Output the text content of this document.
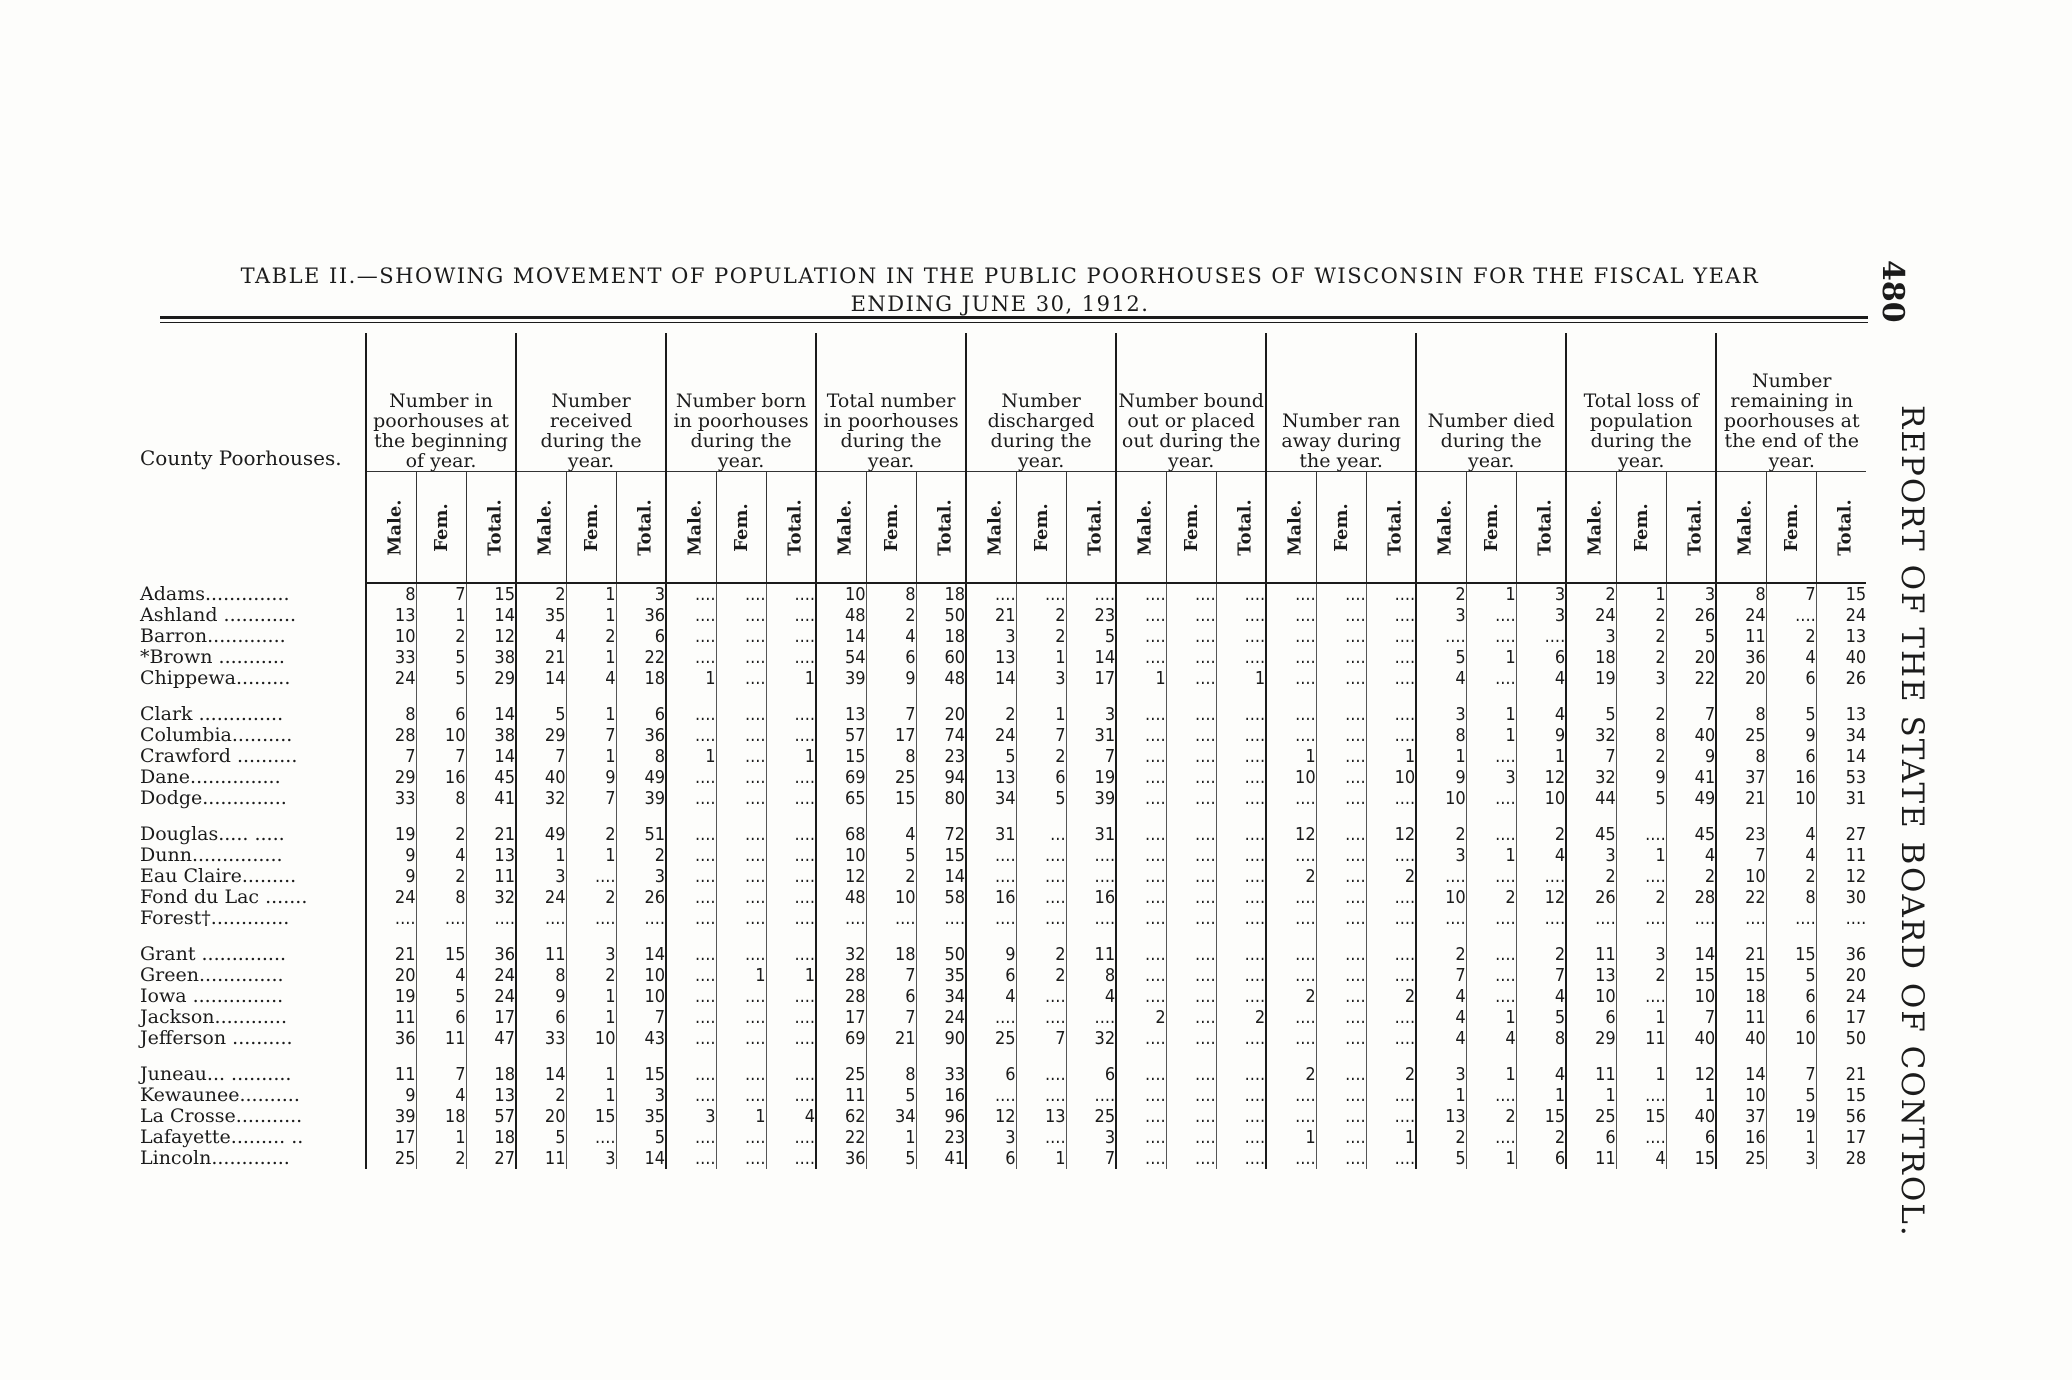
TABLE II.—SHOWING MOVEMENT OF POPULATION IN THE PUBLIC POORHOUSES OF WISCONSIN FOR THE FISCAL YEAR
ENDING JUNE 30, 1912.	480
REPORT OF THE STATE BOARD OF CONTROL.
County Poorhouses.	Number in poorhouses at the beginning of year.			Number received during the year.			Number born in poorhouses during the year.			Total number in poorhouses during the year.			Number discharged during the year.			Number bound out or placed out during the year.			Number ran away during the year.			Number died during the year.			Total loss of population during the year.			Number remaining in poorhouses at the end of the year.		
	Male.	Fem.	Total.	Male.	Fem.	Total.	Male.	Fem.	Total.	Male.	Fem.	Total.	Male.	Fem.	Total.	Male.	Fem.	Total.	Male.	Fem.	Total.	Male.	Fem.	Total.	Male.	Fem.	Total.	Male.	Fem.	Total.
Adams..............	8	7	15	2	1	3	....	....	....	10	8	18	....	....	....	....	....	....	....	....	....	2	1	3	2	1	3	8	7	15
Ashland ............	13	1	14	35	1	36	....	....	....	48	2	50	21	2	23	....	....	....	....	....	....	3	....	3	24	2	26	24	....	24
Barron.............	10	2	12	4	2	6	....	....	....	14	4	18	3	2	5	....	....	....	....	....	....	....	....	....	3	2	5	11	2	13
*Brown ...........	33	5	38	21	1	22	....	....	....	54	6	60	13	1	14	....	....	....	....	....	....	5	1	6	18	2	20	36	4	40
Chippewa.........	24	5	29	14	4	18	1	....	1	39	9	48	14	3	17	1	....	1	....	....	....	4	....	4	19	3	22	20	6	26
Clark ..............	8	6	14	5	1	6	....	....	....	13	7	20	2	1	3	....	....	....	....	....	....	3	1	4	5	2	7	8	5	13
Columbia..........	28	10	38	29	7	36	....	....	....	57	17	74	24	7	31	....	....	....	....	....	....	8	1	9	32	8	40	25	9	34
Crawford ..........	7	7	14	7	1	8	1	....	1	15	8	23	5	2	7	....	....	....	1	....	1	1	....	1	7	2	9	8	6	14
Dane...............	29	16	45	40	9	49	....	....	....	69	25	94	13	6	19	....	....	....	10	....	10	9	3	12	32	9	41	37	16	53
Dodge..............	33	8	41	32	7	39	....	....	....	65	15	80	34	5	39	....	....	....	....	....	....	10	....	10	44	5	49	21	10	31
Douglas..... .....	19	2	21	49	2	51	....	....	....	68	4	72	31	...	31	....	....	....	12	....	12	2	....	2	45	....	45	23	4	27
Dunn...............	9	4	13	1	1	2	....	....	....	10	5	15	....	....	....	....	....	....	....	....	....	3	1	4	3	1	4	7	4	11
Eau Claire.........	9	2	11	3	....	3	....	....	....	12	2	14	....	....	....	....	....	....	2	....	2	....	....	....	2	....	2	10	2	12
Fond du Lac .......	24	8	32	24	2	26	....	....	....	48	10	58	16	....	16	....	....	....	....	....	....	10	2	12	26	2	28	22	8	30
Forest†.............	....	....	....	....	....	....	....	....	....	....	....	....	....	....	....	....	....	....	....	....	....	....	....	....	....	....	....	....	....	....
Grant ..............	21	15	36	11	3	14	....	....	....	32	18	50	9	2	11	....	....	....	....	....	....	2	....	2	11	3	14	21	15	36
Green..............	20	4	24	8	2	10	....	1	1	28	7	35	6	2	8	....	....	....	....	....	....	7	....	7	13	2	15	15	5	20
Iowa ...............	19	5	24	9	1	10	....	....	....	28	6	34	4	....	4	....	....	....	2	....	2	4	....	4	10	....	10	18	6	24
Jackson............	11	6	17	6	1	7	....	....	....	17	7	24	....	....	....	2	....	2	....	....	....	4	1	5	6	1	7	11	6	17
Jefferson ..........	36	11	47	33	10	43	....	....	....	69	21	90	25	7	32	....	....	....	....	....	....	4	4	8	29	11	40	40	10	50
Juneau... ..........	11	7	18	14	1	15	....	....	....	25	8	33	6	....	6	....	....	....	2	....	2	3	1	4	11	1	12	14	7	21
Kewaunee..........	9	4	13	2	1	3	....	....	....	11	5	16	....	....	....	....	....	....	....	....	....	1	....	1	1	....	1	10	5	15
La Crosse...........	39	18	57	20	15	35	3	1	4	62	34	96	12	13	25	....	....	....	....	....	....	13	2	15	25	15	40	37	19	56
Lafayette......... ..	17	1	18	5	....	5	....	....	....	22	1	23	3	....	3	....	....	....	1	....	1	2	....	2	6	....	6	16	1	17
Lincoln.............	25	2	27	11	3	14	....	....	....	36	5	41	6	1	7	....	....	....	....	....	....	5	1	6	11	4	15	25	3	28
